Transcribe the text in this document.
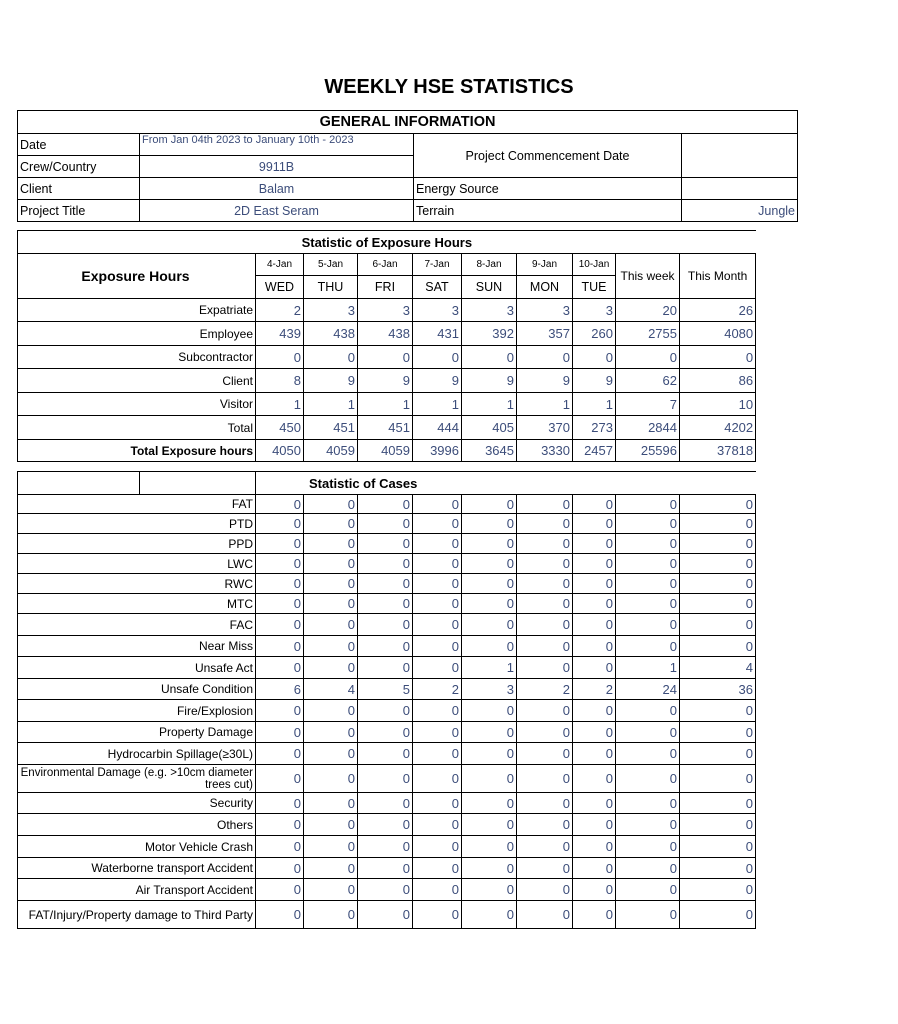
WEEKLY HSE STATISTICS
GENERAL INFORMATION			
Date	From Jan 04th 2023 to January 10th - 2023	Project Commencement Date	
Crew/Country	9911B		
Client	Balam	Energy Source	
Project Title	2D East Seram	Terrain	Jungle
Statistic of Exposure Hours									
Exposure Hours	4-Jan	5-Jan	6-Jan	7-Jan	8-Jan	9-Jan	10-Jan	This week	This Month
	WED	THU	FRI	SAT	SUN	MON	TUE		
Expatriate	2	3	3	3	3	3	3	20	26
Employee	439	438	438	431	392	357	260	2755	4080
Subcontractor	0	0	0	0	0	0	0	0	0
Client	8	9	9	9	9	9	9	62	86
Visitor	1	1	1	1	1	1	1	7	10
Total	450	451	451	444	405	370	273	2844	4202
Total Exposure hours	4050	4059	4059	3996	3645	3330	2457	25596	37818

	Statistic of Cases								

FAT	0	0	0	0	0	0	0	0	0
PTD	0	0	0	0	0	0	0	0	0
PPD	0	0	0	0	0	0	0	0	0
LWC	0	0	0	0	0	0	0	0	0
RWC	0	0	0	0	0	0	0	0	0
MTC	0	0	0	0	0	0	0	0	0
FAC	0	0	0	0	0	0	0	0	0
Near Miss	0	0	0	0	0	0	0	0	0
Unsafe Act	0	0	0	0	1	0	0	1	4
Unsafe Condition	6	4	5	2	3	2	2	24	36
Fire/Explosion	0	0	0	0	0	0	0	0	0
Property Damage	0	0	0	0	0	0	0	0	0
Hydrocarbin Spillage(≥30L)	0	0	0	0	0	0	0	0	0
Environmental Damage (e.g. >10cm diameter trees cut)	0	0	0	0	0	0	0	0	0
Security	0	0	0	0	0	0	0	0	0
Others	0	0	0	0	0	0	0	0	0
Motor Vehicle Crash	0	0	0	0	0	0	0	0	0
Waterborne transport Accident	0	0	0	0	0	0	0	0	0
Air Transport Accident	0	0	0	0	0	0	0	0	0
FAT/Injury/Property damage to Third Party	0	0	0	0	0	0	0	0	0
